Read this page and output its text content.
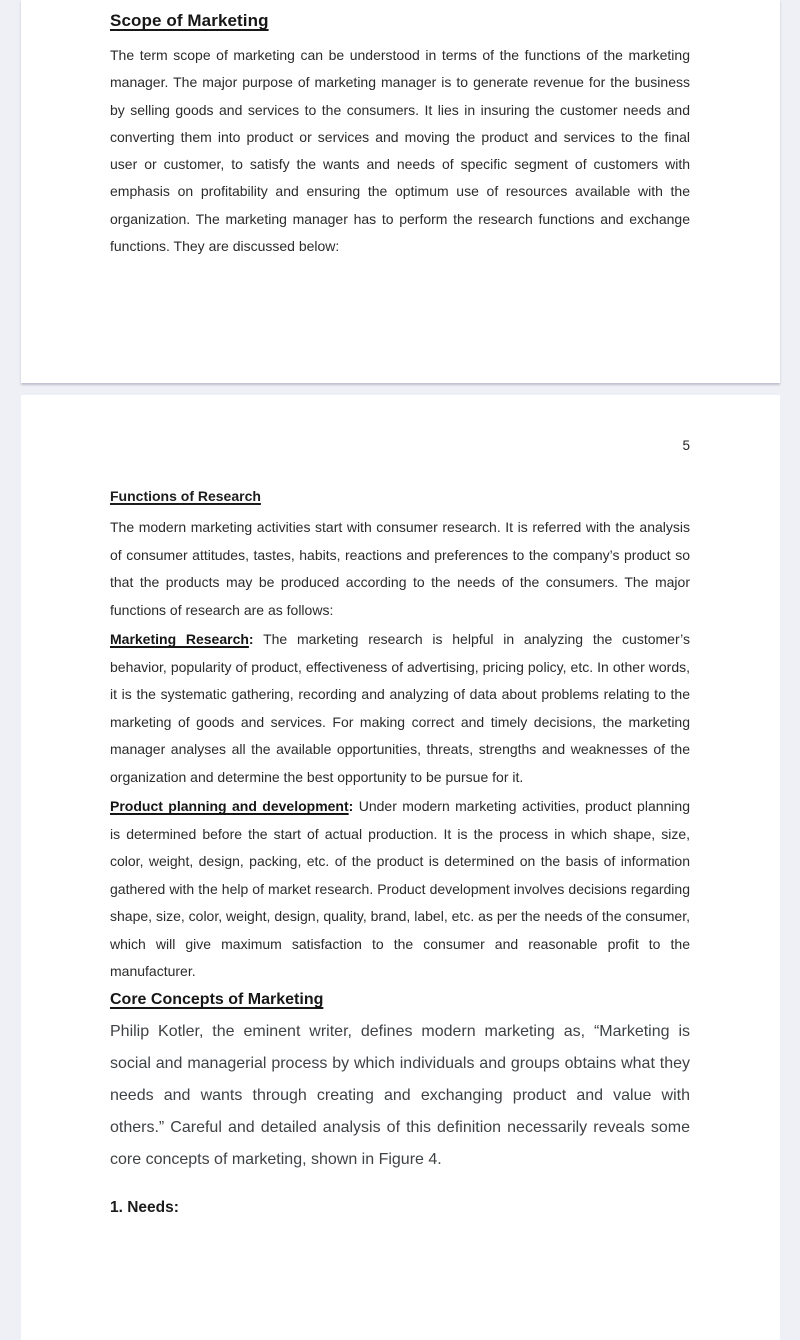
Scope of Marketing

The term scope of marketing can be understood in terms of the functions of the marketing manager. The major purpose of marketing manager is to generate revenue for the business by selling goods and services to the consumers. It lies in insuring the customer needs and converting them into product or services and moving the product and services to the final user or customer, to satisfy the wants and needs of specific segment of customers with emphasis on profitability and ensuring the optimum use of resources available with the organization. The marketing manager has to perform the research functions and exchange functions. They are discussed below:

5
Functions of Research

The modern marketing activities start with consumer research. It is referred with the analysis of consumer attitudes, tastes, habits, reactions and preferences to the company’s product so that the products may be produced according to the needs of the consumers. The major functions of research are as follows:

Marketing Research: The marketing research is helpful in analyzing the customer’s behavior, popularity of product, effectiveness of advertising, pricing policy, etc. In other words, it is the systematic gathering, recording and analyzing of data about problems relating to the marketing of goods and services. For making correct and timely decisions, the marketing manager analyses all the available opportunities, threats, strengths and weaknesses of the organization and determine the best opportunity to be pursue for it.

Product planning and development: Under modern marketing activities, product planning is determined before the start of actual production. It is the process in which shape, size, color, weight, design, packing, etc. of the product is determined on the basis of information gathered with the help of market research. Product development involves decisions regarding shape, size, color, weight, design, quality, brand, label, etc. as per the needs of the consumer, which will give maximum satisfaction to the consumer and reasonable profit to the manufacturer.

Core Concepts of Marketing

Philip Kotler, the eminent writer, defines modern marketing as, “Marketing is social and managerial process by which individuals and groups obtains what they needs and wants through creating and exchanging product and value with others.” Careful and detailed analysis of this definition necessarily reveals some core concepts of marketing, shown in Figure 4.

1. Needs:
